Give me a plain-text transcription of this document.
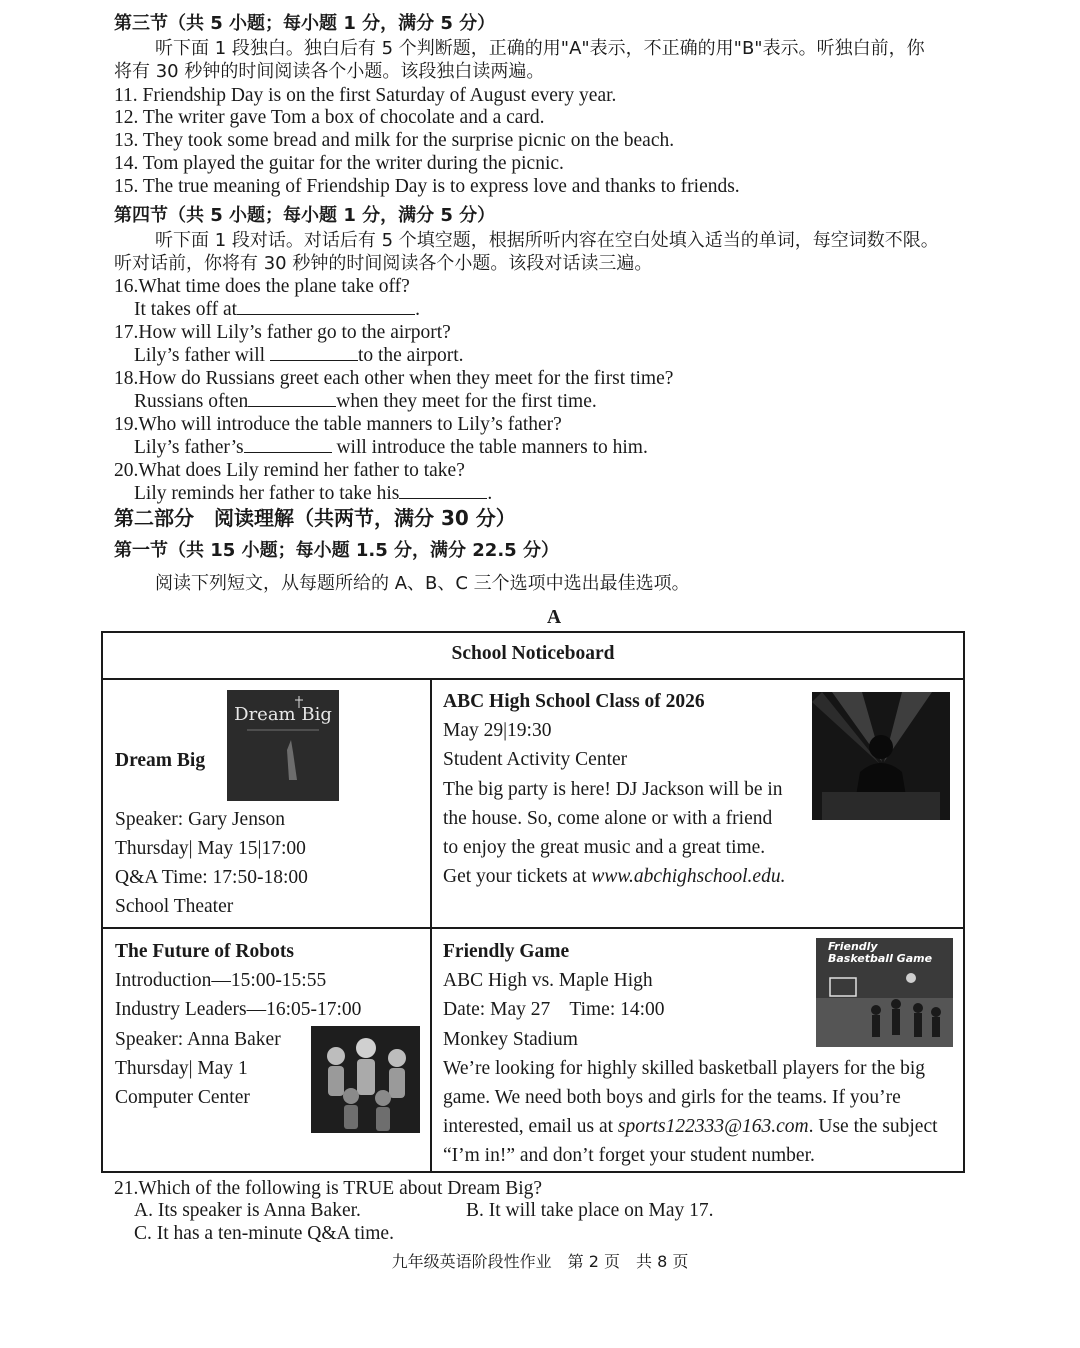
第三节（共 5 小题；每小题 1 分，满分 5 分）
听下面 1 段独白。独白后有 5 个判断题，正确的用"A"表示，不正确的用"B"表示。听独白前，你
将有 30 秒钟的时间阅读各个小题。该段独白读两遍。
11. Friendship Day is on the first Saturday of August every year.
12. The writer gave Tom a box of chocolate and a card.
13. They took some bread and milk for the surprise picnic on the beach.
14. Tom played the guitar for the writer during the picnic.
15. The true meaning of Friendship Day is to express love and thanks to friends.
第四节（共 5 小题；每小题 1 分，满分 5 分）
听下面 1 段对话。对话后有 5 个填空题，根据所听内容在空白处填入适当的单词，每空词数不限。
听对话前，你将有 30 秒钟的时间阅读各个小题。该段对话读三遍。
16.What time does the plane take off?
It takes off at	.
17.How will Lily’s father go to the airport?
Lily’s father will	to the airport.
18.How do Russians greet each other when they meet for the first time?
Russians often	when they meet for the first time.
19.Who will introduce the table manners to Lily’s father?
Lily’s father’s	will introduce the table manners to him.
20.What does Lily remind her father to take?
Lily reminds her father to take his	.
第二部分　阅读理解（共两节，满分 30 分）
第一节（共 15 小题；每小题 1.5 分，满分 22.5 分）
阅读下列短文，从每题所给的 A、B、C 三个选项中选出最佳选项。
A
School Noticeboard
Dream Big
Dream Big
Speaker: Gary Jenson
Thursday| May 15|17:00
Q&A Time: 17:50-18:00
School Theater
ABC High School Class of 2026
May 29|19:30
Student Activity Center
The big party is here! DJ Jackson will be in
the house. So, come alone or with a friend
to enjoy the great music and a great time.
Get your tickets at www.abchighschool.edu.
The Future of Robots
Introduction—15:00-15:55
Industry Leaders—16:05-17:00
Speaker: Anna Baker
Thursday| May 1
Computer Center
Friendly Game
ABC High vs. Maple High
Date: May 27    Time: 14:00
Monkey Stadium
We’re looking for highly skilled basketball players for the big
game. We need both boys and girls for the teams. If you’re
interested, email us at sports122333@163.com. Use the subject
“I’m in!” and don’t forget your student number.
Friendly
Basketball Game
21.Which of the following is TRUE about Dream Big?
A. Its speaker is Anna Baker.	B. It will take place on May 17.
C. It has a ten-minute Q&A time.
九年级英语阶段性作业　第 2 页　共 8 页
